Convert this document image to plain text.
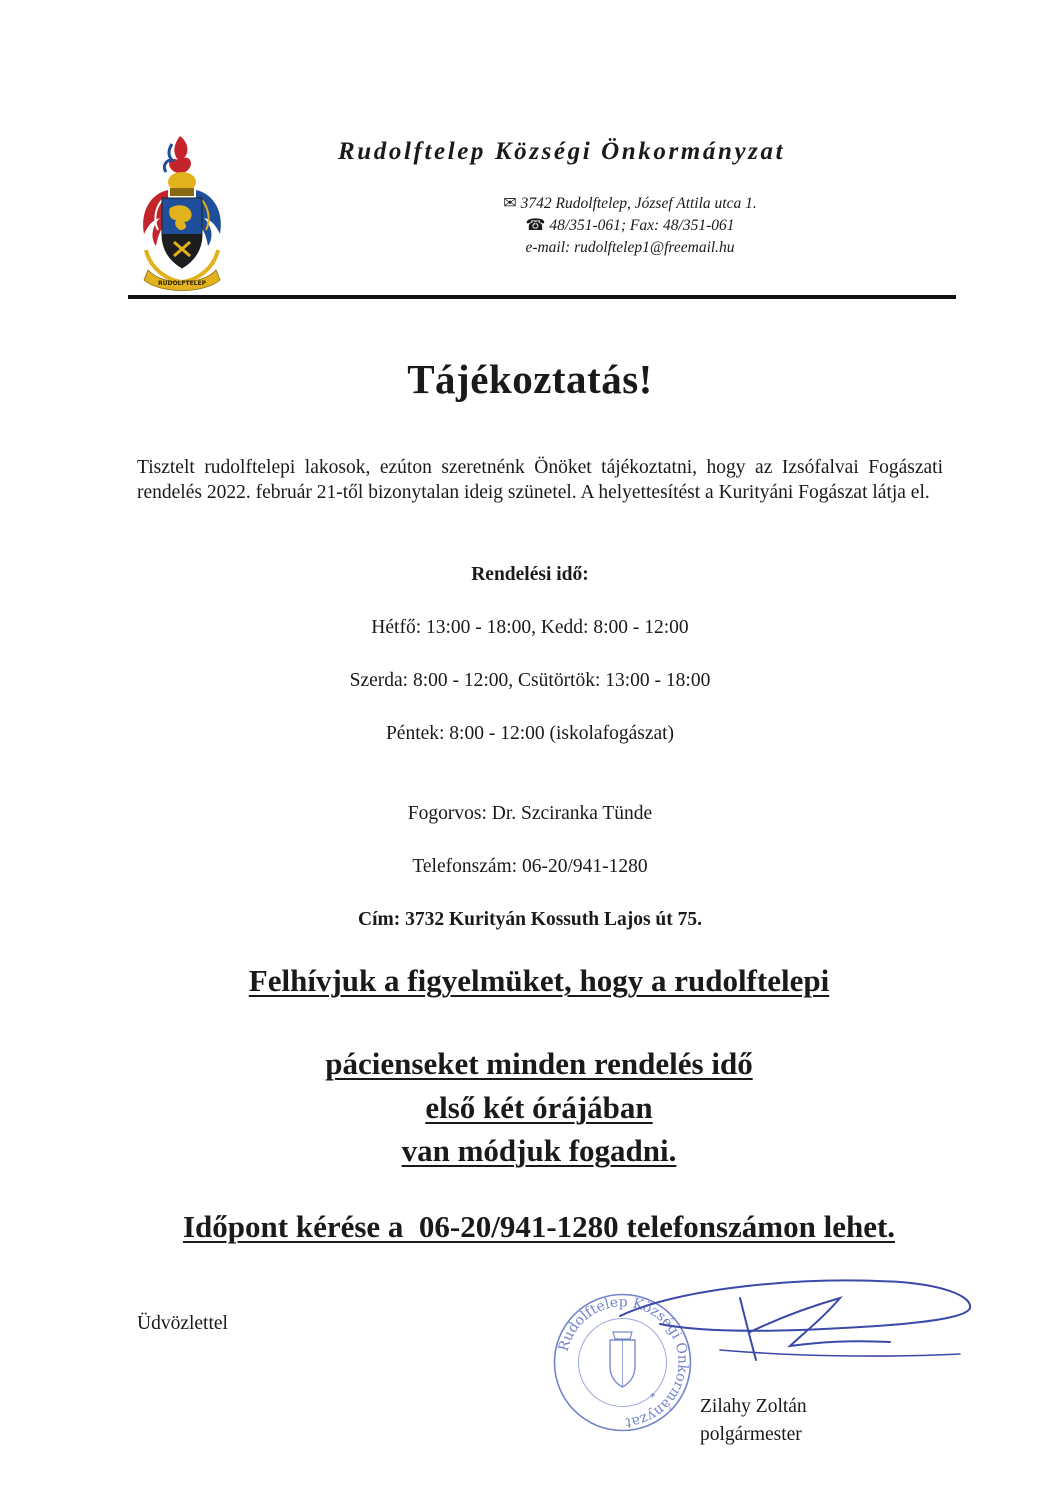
RUDOLFTELEP
Rudolftelep Községi Önkormányzat
✉ 3742 Rudolftelep, József Attila utca 1.
☎ 48/351-061; Fax: 48/351-061
e-mail: rudolftelep1@freemail.hu
Tájékoztatás!
Tisztelt rudolftelepi lakosok, ezúton szeretnénk Önöket tájékoztatni, hogy az Izsófalvai Fogászati rendelés 2022. február 21-től bizonytalan ideig szünetel. A helyettesítést a Kurityáni Fogászat látja el.
Rendelési idő:
Hétfő: 13:00 - 18:00, Kedd: 8:00 - 12:00
Szerda: 8:00 - 12:00, Csütörtök: 13:00 - 18:00
Péntek: 8:00 - 12:00 (iskolafogászat)
Fogorvos: Dr. Szciranka Tünde
Telefonszám: 06-20/941-1280
Cím: 3732 Kurityán Kossuth Lajos út 75.
Felhívjuk a figyelmüket, hogy a rudolftelepi
pácienseket minden rendelés idő
első két órájában
van módjuk fogadni.
Időpont kérése a  06-20/941-1280 telefonszámon lehet.
Üdvözlettel
Rudolftelep Községi Önkormányzat
* Zilahy Zoltán
polgármester
